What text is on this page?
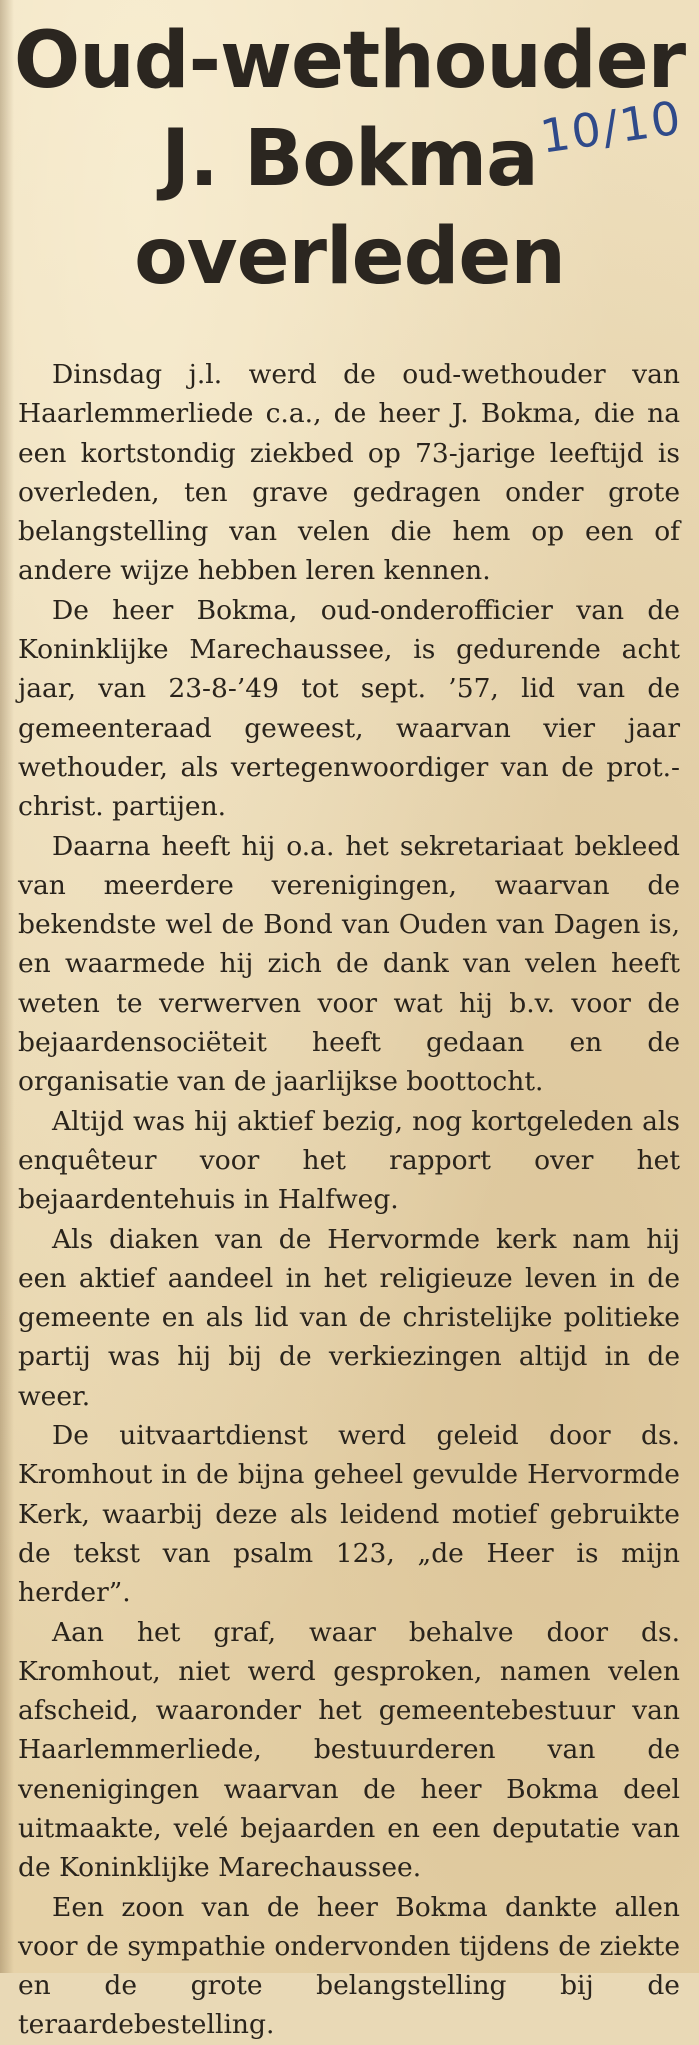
Oud-wethouder
J. Bokma
overleden
10/10

Dinsdag j.l. werd de oud-wethouder van Haarlemmerliede c.a., de heer J. Bokma, die na een kortstondig ziekbed op 73-jarige leeftijd is overleden, ten grave gedragen onder grote belangstelling van velen die hem op een of andere wijze hebben leren kennen.

De heer Bokma, oud-onderofficier van de Koninklijke Marechaussee, is gedurende acht jaar, van 23-8-’49 tot sept. ’57, lid van de gemeenteraad geweest, waarvan vier jaar wethouder, als vertegenwoordiger van de prot.-christ. partijen.

Daarna heeft hij o.a. het sekretariaat bekleed van meerdere verenigingen, waarvan de bekendste wel de Bond van Ouden van Dagen is, en waarmede hij zich de dank van velen heeft weten te verwerven voor wat hij b.v. voor de bejaardensociëteit heeft gedaan en de organisatie van de jaarlijkse boottocht.

Altijd was hij aktief bezig, nog kortgeleden als enquêteur voor het rapport over het bejaardentehuis in Halfweg.

Als diaken van de Hervormde kerk nam hij een aktief aandeel in het religieuze leven in de gemeente en als lid van de christelijke politieke partij was hij bij de verkiezingen altijd in de weer.

De uitvaartdienst werd geleid door ds. Kromhout in de bijna geheel gevulde Hervormde Kerk, waarbij deze als leidend motief gebruikte de tekst van psalm 123, „de Heer is mijn herder”.

Aan het graf, waar behalve door ds. Kromhout, niet werd gesproken, namen velen afscheid, waaronder het gemeentebestuur van Haarlemmerliede, bestuurderen van de venenigingen waarvan de heer Bokma deel uitmaakte, velé bejaarden en een deputatie van de Koninklijke Marechaussee.

Een zoon van de heer Bokma dankte allen voor de sympathie ondervonden tijdens de ziekte en de grote belangstelling bij de teraardebestelling.
